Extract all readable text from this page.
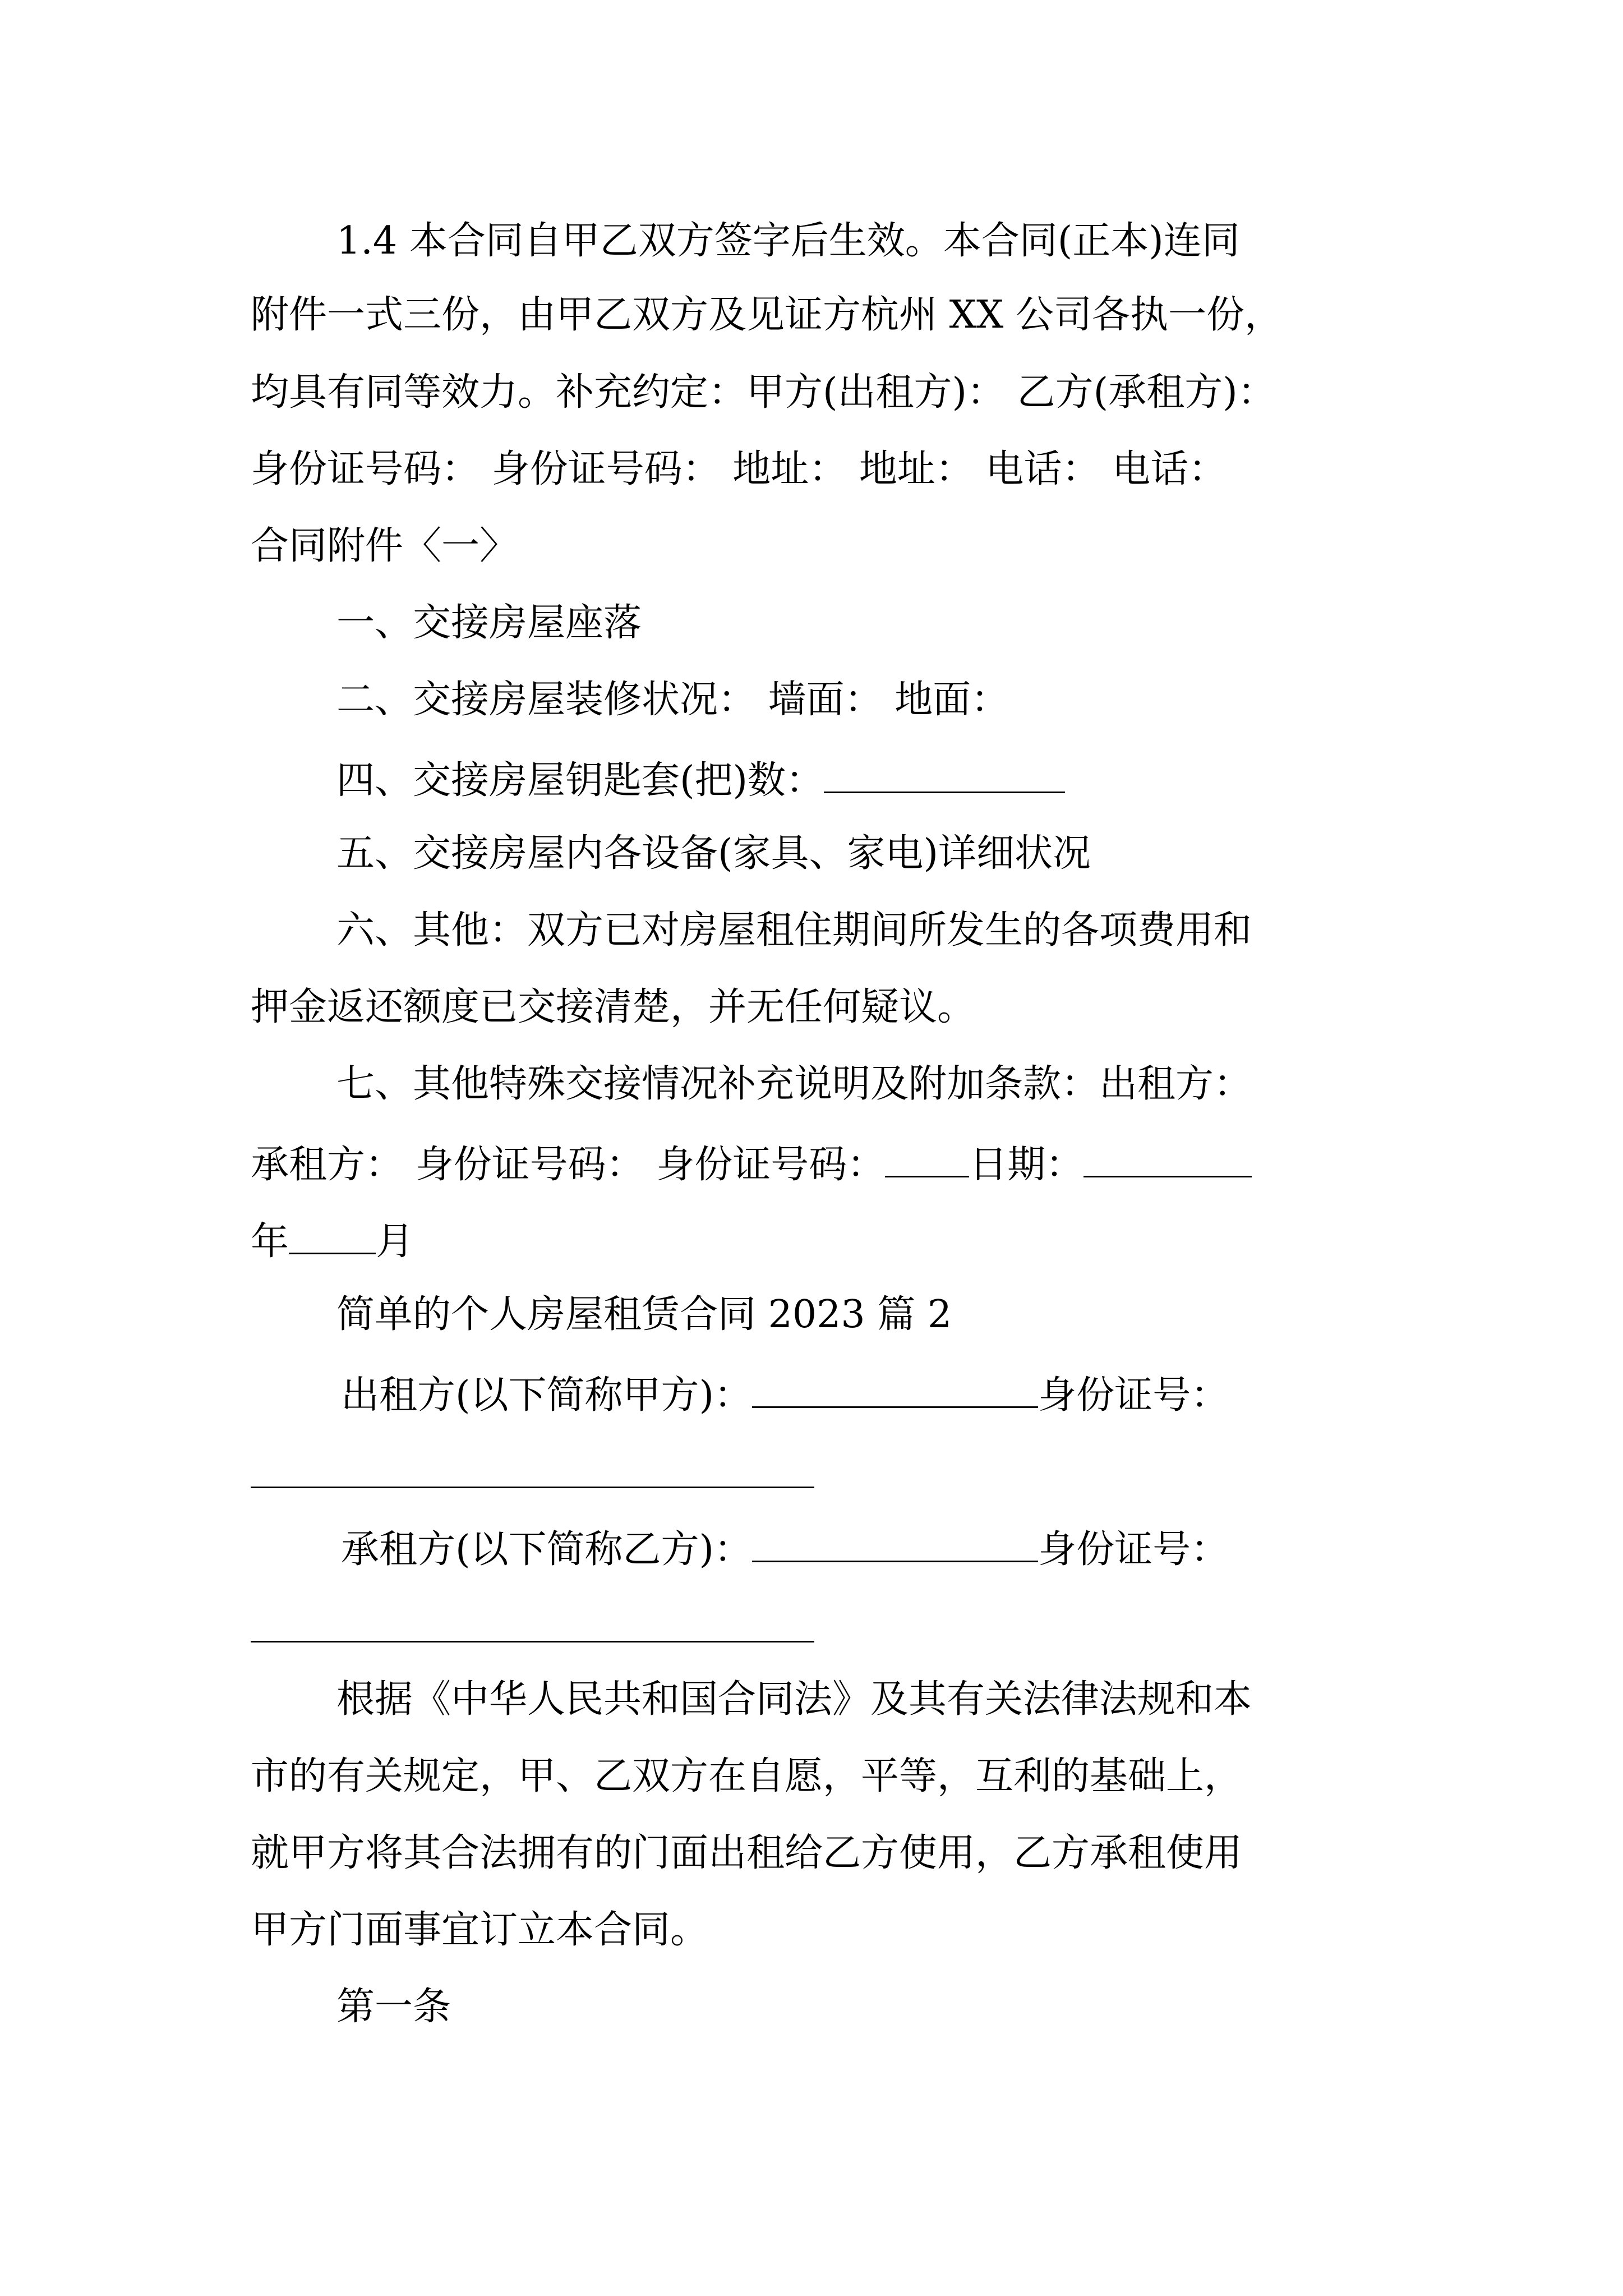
1.4 本合同自甲乙双方签字后生效。本合同(正本)连同
附件一式三份，由甲乙双方及见证方杭州 XX 公司各执一份，
均具有同等效力。补充约定：甲方(出租方)： 乙方(承租方)：
身份证号码： 身份证号码： 地址： 地址： 电话： 电话：
合同附件〈一〉
一、交接房屋座落
二、交接房屋装修状况： 墙面： 地面：
四、交接房屋钥匙套(把)数：
五、交接房屋内各设备(家具、家电)详细状况
六、其他：双方已对房屋租住期间所发生的各项费用和
押金返还额度已交接清楚，并无任何疑议。
七、其他特殊交接情况补充说明及附加条款：出租方：
承租方： 身份证号码： 身份证号码： 日期：
年 月
简单的个人房屋租赁合同 2023 篇 2
出租方(以下简称甲方)：	身份证号：
承租方(以下简称乙方)：	身份证号：
根据《中华人民共和国合同法》及其有关法律法规和本
市的有关规定，甲、乙双方在自愿，平等，互利的基础上，
就甲方将其合法拥有的门面出租给乙方使用，乙方承租使用
甲方门面事宜订立本合同。
第一条
